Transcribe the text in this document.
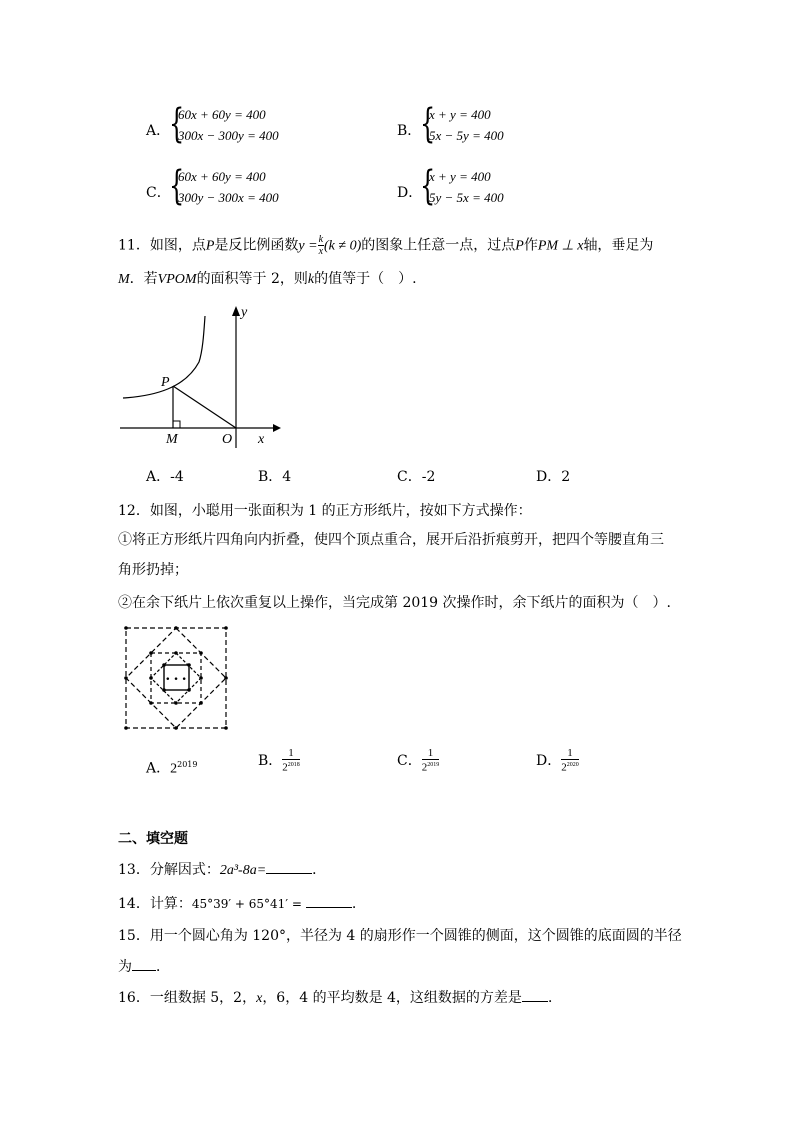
A．
{
60x + 60y = 400
300x − 300y = 400	B．
{
x + y = 400
5x − 5y = 400
C．
{
60x + 60y = 400
300y − 300x = 400	D．
{
x + y = 400
5y − 5x = 400
11．如图，点P是反比例函数$y = \frac{k}{x} (k \ne 0)$的图象上任意一点，过点P作PM ⊥ x轴，垂足为
M．若VPOM的面积等于 2，则k的值等于（　）.
P
M	O x
y
A．-4	B．4	C．-2	D．2
12．如图，小聪用一张面积为 1 的正方形纸片，按如下方式操作：
①将正方形纸片四角向内折叠，使四个顶点重合，展开后沿折痕剪开，把四个等腰直角三
角形扔掉；
②在余下纸片上依次重复以上操作，当完成第 2019 次操作时，余下纸片的面积为（　）.
• • •
A．$2^{2019}$	B． $\frac{1}{2^{2018}}$	C． $\frac{1}{2^{2019}}$	D． $\frac{1}{2^{2020}}$
二、填空题
13．分解因式：2a³-8a=	．
14．计算：45°39′ + 65°41′ =	.
15．用一个圆心角为 120°，半径为 4 的扇形作一个圆锥的侧面，这个圆锥的底面圆的半径
为 ．
16．一组数据 5，2，x，6，4 的平均数是 4，这组数据的方差是 ．
